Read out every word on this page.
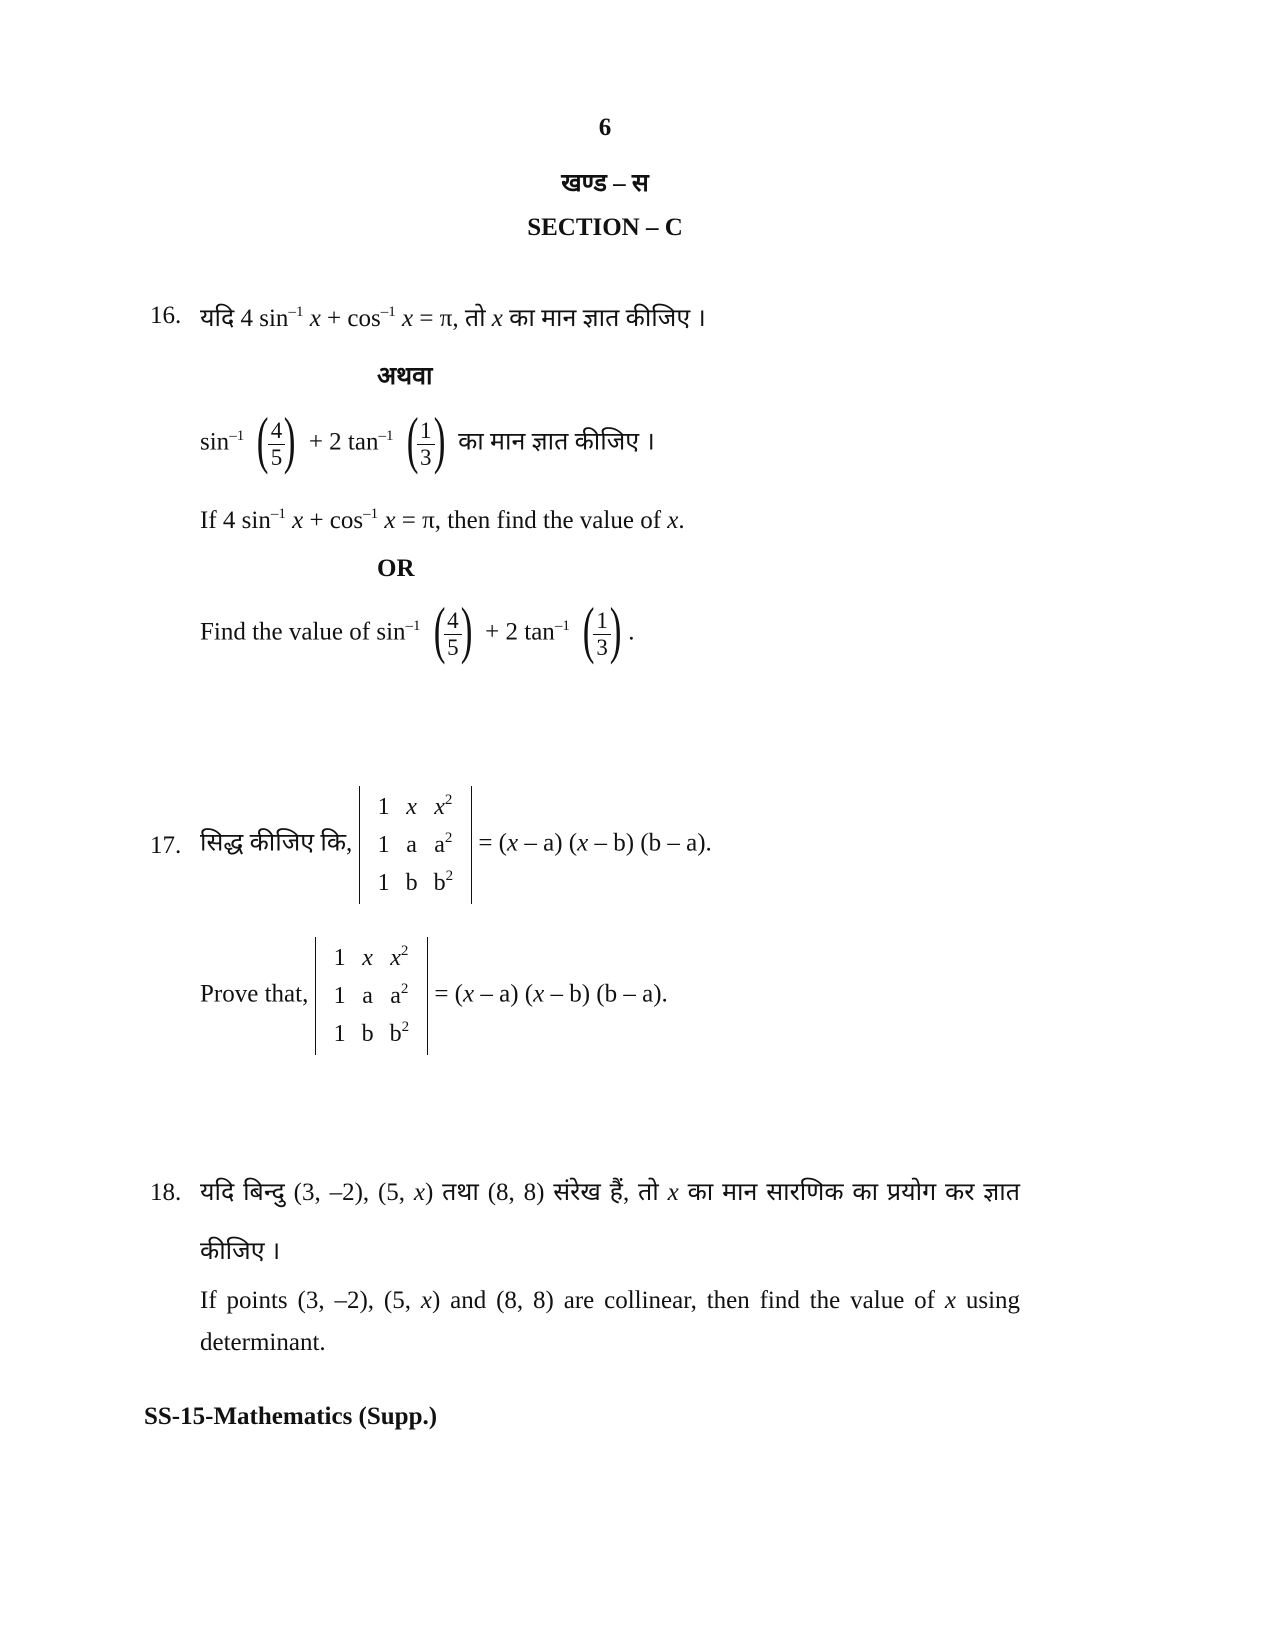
6
खण्ड – स
SECTION – C
16. यदि 4 $\sin^{-1} x + \cos^{-1} x = \pi$, तो x का मान ज्ञात कीजिए ।
अथवा
$\sin^{-1}$ (
$\frac{4}{5}$
) + 2 $\tan^{-1}$ (
$\frac{1}{3}$
) का मान ज्ञात कीजिए ।
If 4 $\sin^{-1} x + \cos^{-1} x = \pi$, then find the value of x.
OR
Find the value of $\sin^{-1}$ (
$\frac{4}{5}$
) + 2 $\tan^{-1}$ (
$\frac{1}{3}$
) .
17. सिद्ध कीजिए कि,
1	x	$x^2$
1	a	$a^2$
1	b	$b^2$
= (x – a) (x – b) (b – a).
Prove that,
1	x	$x^2$
1	a	$a^2$
1	b	$b^2$
= (x – a) (x – b) (b – a).
18. यदि बिन्दु (3, –2), (5, x) तथा (8, 8) संरेख हैं, तो x का मान सारणिक का प्रयोग कर ज्ञात
कीजिए ।
If points (3, –2), (5, x) and (8, 8) are collinear, then find the value of x using
determinant.
SS-15-Mathematics (Supp.)
